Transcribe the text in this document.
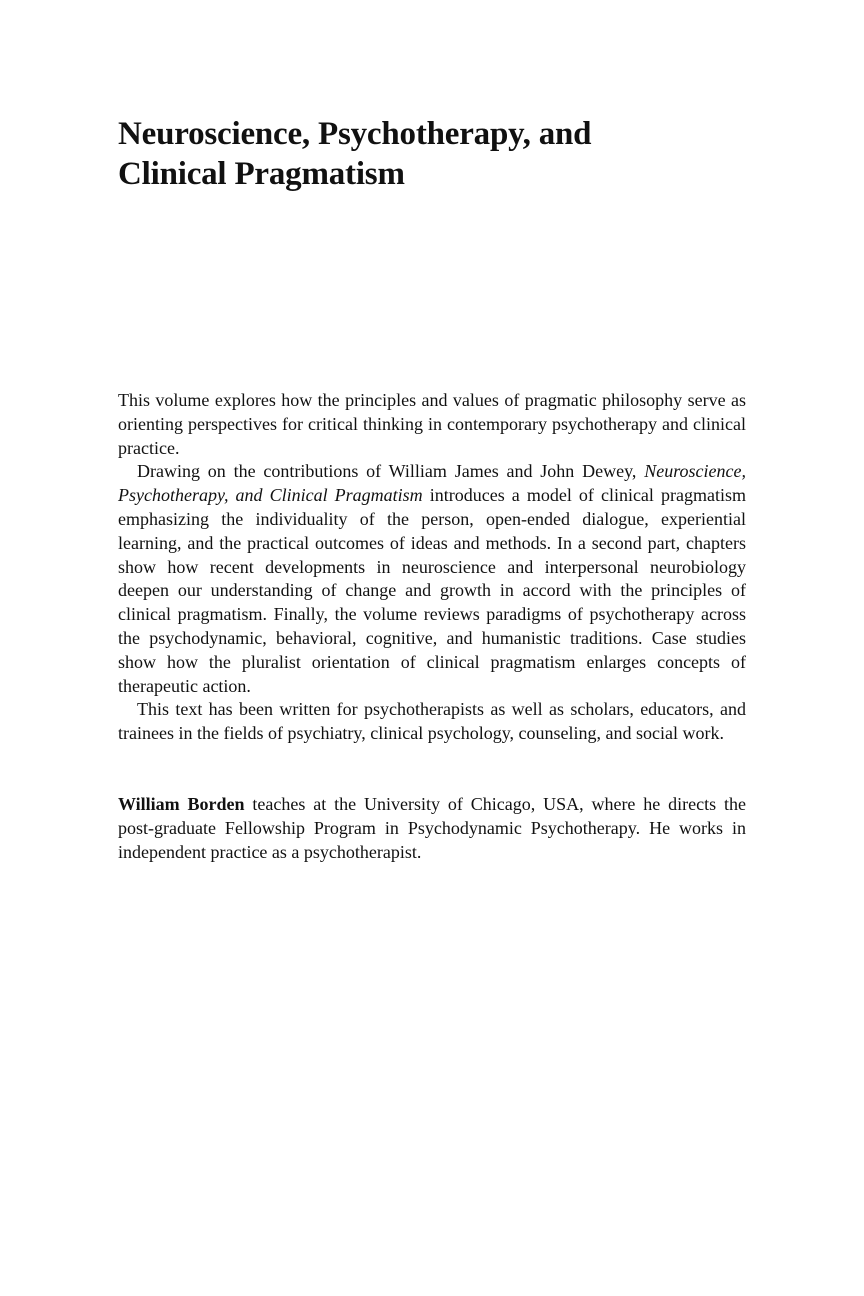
Neuroscience, Psychotherapy, and
Clinical Pragmatism

This volume explores how the principles and values of pragmatic philosophy serve as orienting perspectives for critical thinking in contemporary psychotherapy and clinical practice.

Drawing on the contributions of William James and John Dewey, Neuroscience, Psychotherapy, and Clinical Pragmatism introduces a model of clinical pragmatism emphasizing the individuality of the person, open-ended dialogue, experiential learning, and the practical outcomes of ideas and methods. In a second part, chapters show how recent developments in neuroscience and interpersonal neurobiology deepen our understanding of change and growth in accord with the principles of clinical pragmatism. Finally, the volume reviews paradigms of psychotherapy across the psychodynamic, behavioral, cognitive, and humanistic traditions. Case studies show how the pluralist orientation of clinical pragmatism enlarges concepts of therapeutic action.

This text has been written for psychotherapists as well as scholars, educators, and trainees in the fields of psychiatry, clinical psychology, counseling, and social work.

William Borden teaches at the University of Chicago, USA, where he directs the post-graduate Fellowship Program in Psychodynamic Psychotherapy. He works in independent practice as a psychotherapist.
